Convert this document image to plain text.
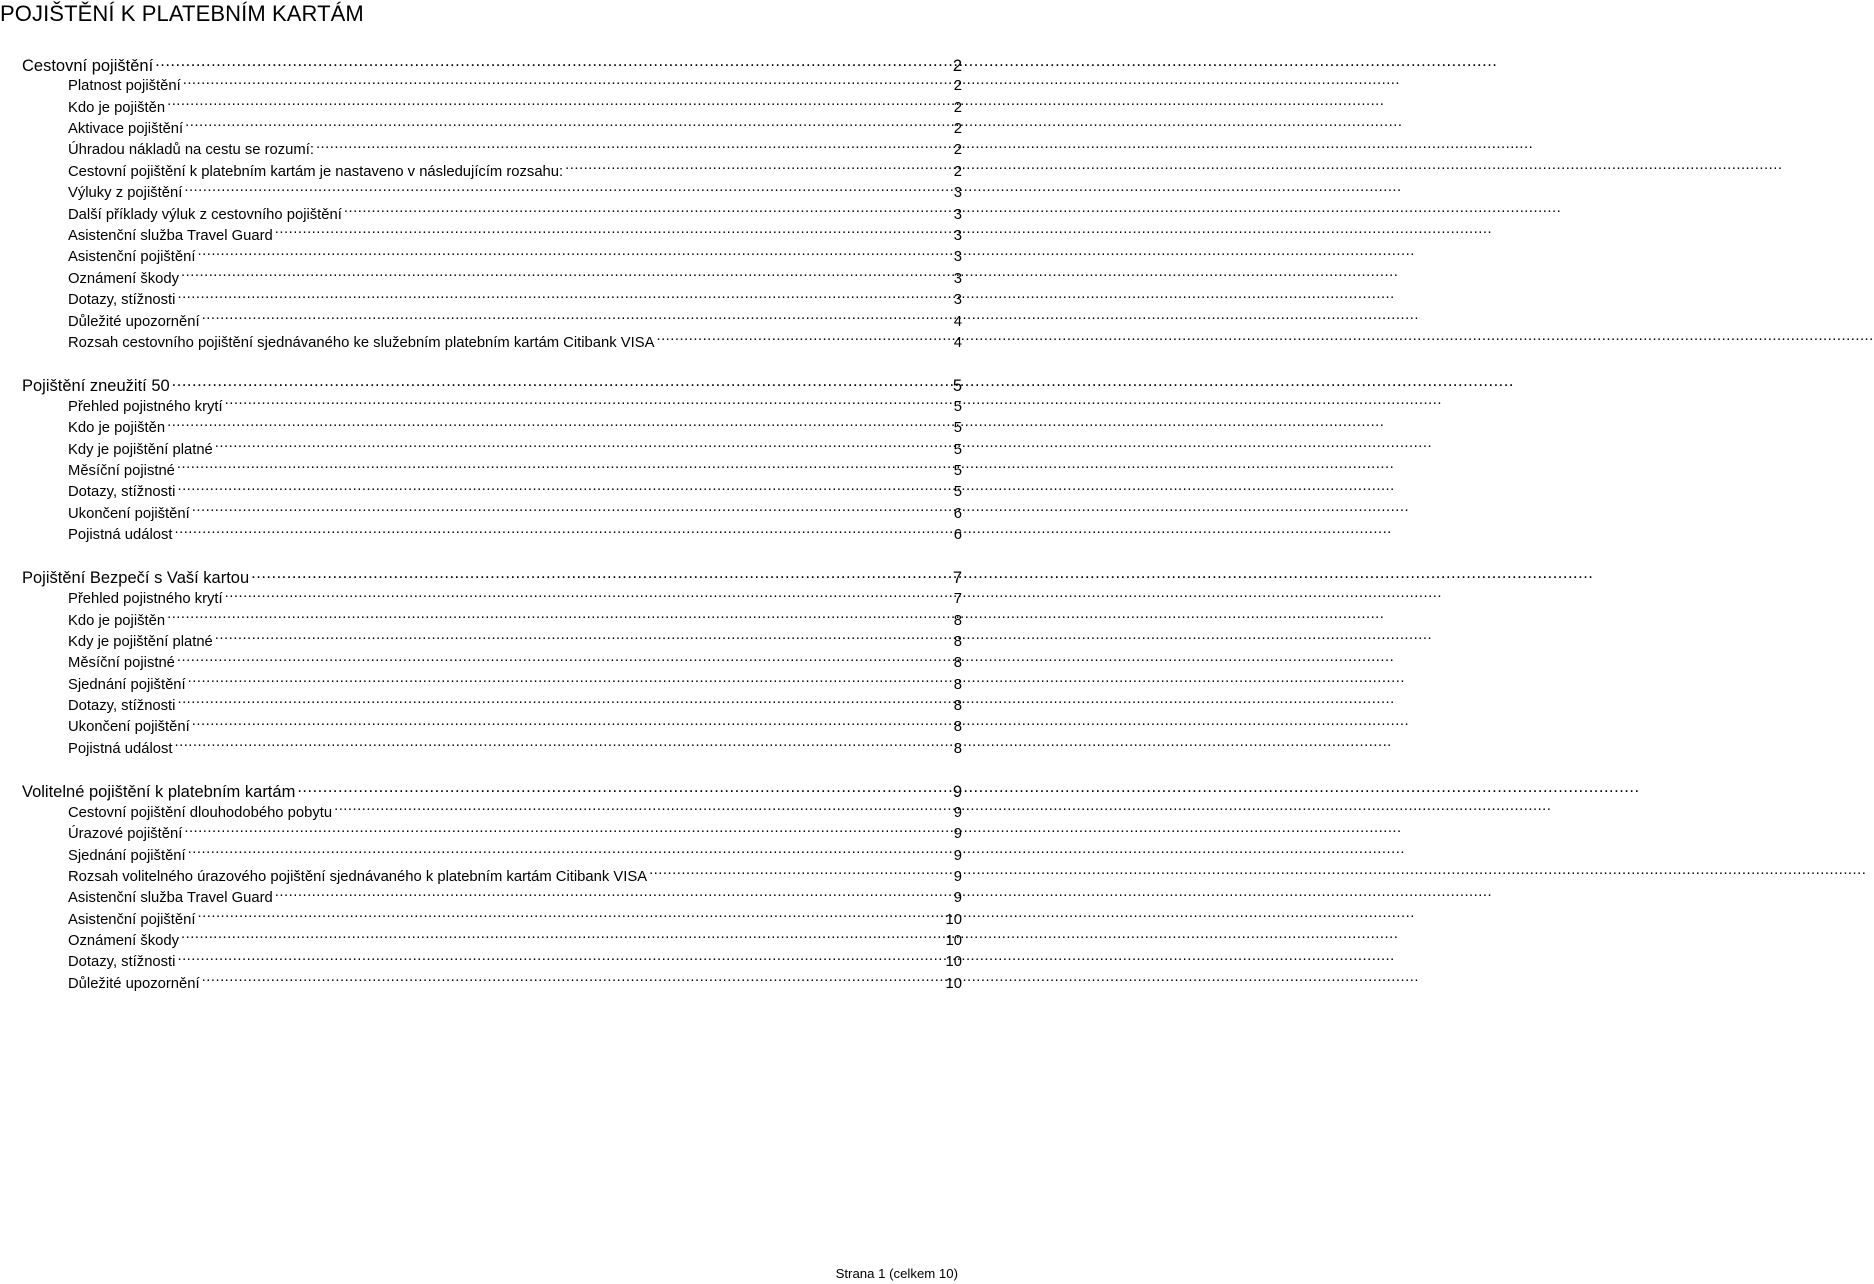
POJIŠTĚNÍ K PLATEBNÍM KARTÁM
Cestovní pojištění .....	2
Platnost pojištění .....	2
Kdo je pojištěn .....	2
Aktivace pojištění .....	2
Úhradou nákladů na cestu se rozumí: .....	2
Cestovní pojištění k platebním kartám je nastaveno v následujícím rozsahu: .....	2
Výluky z pojištění .....	3
Další příklady výluk z cestovního pojištění .....	3
Asistenční služba Travel Guard .....	3
Asistenční pojištění .....	3
Oznámení škody .....	3
Dotazy, stížnosti .....	3
Důležité upozornění .....	4
Rozsah cestovního pojištění sjednávaného ke služebním platebním kartám Citibank VISA .....	4
Pojištění zneužití 50 .....	5
Přehled pojistného krytí .....	5
Kdo je pojištěn .....	5
Kdy je pojištění platné .....	5
Měsíční pojistné .....	5
Dotazy, stížnosti .....	5
Ukončení pojištění .....	6
Pojistná událost .....	6
Pojištění Bezpečí s Vaší kartou .....	7
Přehled pojistného krytí .....	7
Kdo je pojištěn .....	8
Kdy je pojištění platné .....	8
Měsíční pojistné .....	8
Sjednání pojištění .....	8
Dotazy, stížnosti .....	8
Ukončení pojištění .....	8
Pojistná událost .....	8
Volitelné pojištění k platebním kartám .....	9
Cestovní pojištění dlouhodobého pobytu .....	9
Úrazové pojištění .....	9
Sjednání pojištění .....	9
Rozsah volitelného úrazového pojištění sjednávaného k platebním kartám Citibank VISA .....	9
Asistenční služba Travel Guard .....	9
Asistenční pojištění .....	10
Oznámení škody .....	10
Dotazy, stížnosti .....	10
Důležité upozornění .....	10
Strana 1 (celkem 10)
